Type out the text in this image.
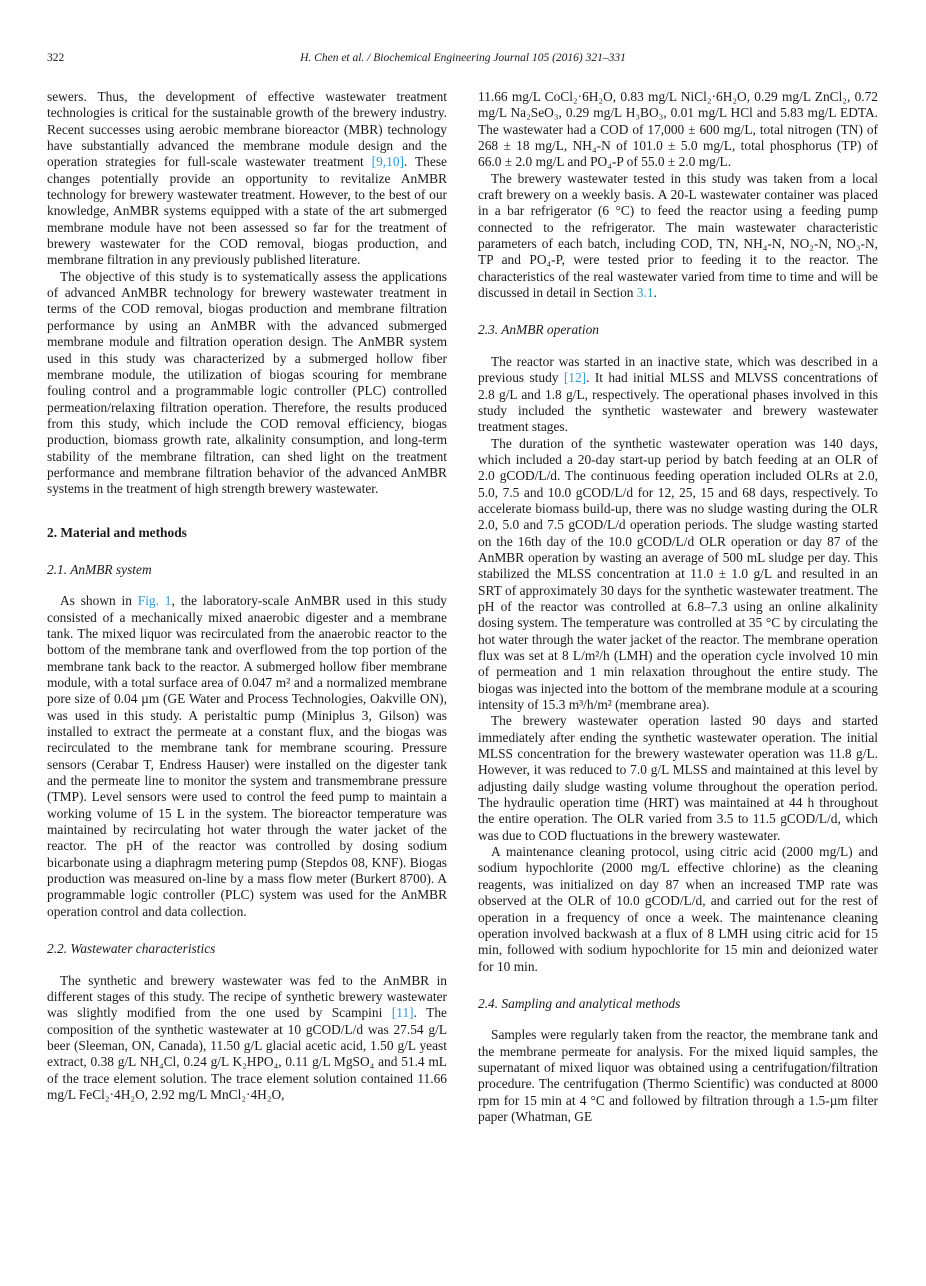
322	H. Chen et al. / Biochemical Engineering Journal 105 (2016) 321–331

sewers. Thus, the development of effective wastewater treatment technologies is critical for the sustainable growth of the brewery industry. Recent successes using aerobic membrane bioreactor (MBR) technology have substantially advanced the membrane module design and the operation strategies for full-scale wastewater treatment [9,10]. These changes potentially provide an opportunity to revitalize AnMBR technology for brewery wastewater treatment. However, to the best of our knowledge, AnMBR systems equipped with a state of the art submerged membrane module have not been assessed so far for the treatment of brewery wastewater for the COD removal, biogas production, and membrane filtration in any previously published literature.

The objective of this study is to systematically assess the applications of advanced AnMBR technology for brewery wastewater treatment in terms of the COD removal, biogas production and membrane filtration performance by using an AnMBR with the advanced submerged membrane module and filtration operation design. The AnMBR system used in this study was characterized by a submerged hollow fiber membrane module, the utilization of biogas scouring for membrane fouling control and a programmable logic controller (PLC) controlled permeation/relaxing filtration operation. Therefore, the results produced from this study, which include the COD removal efficiency, biogas production, biomass growth rate, alkalinity consumption, and long-term stability of the membrane filtration, can shed light on the treatment performance and membrane filtration behavior of the advanced AnMBR systems in the treatment of high strength brewery wastewater.

2. Material and methods
2.1. AnMBR system

As shown in Fig. 1, the laboratory-scale AnMBR used in this study consisted of a mechanically mixed anaerobic digester and a membrane tank. The mixed liquor was recirculated from the anaerobic reactor to the bottom of the membrane tank and overflowed from the top portion of the membrane tank back to the reactor. A submerged hollow fiber membrane module, with a total surface area of 0.047 m² and a normalized membrane pore size of 0.04 µm (GE Water and Process Technologies, Oakville ON), was used in this study. A peristaltic pump (Miniplus 3, Gilson) was installed to extract the permeate at a constant flux, and the biogas was recirculated to the membrane tank for membrane scouring. Pressure sensors (Cerabar T, Endress Hauser) were installed on the digester tank and the permeate line to monitor the system and transmembrane pressure (TMP). Level sensors were used to control the feed pump to maintain a working volume of 15 L in the system. The bioreactor temperature was maintained by recirculating hot water through the water jacket of the reactor. The pH of the reactor was controlled by dosing sodium bicarbonate using a diaphragm metering pump (Stepdos 08, KNF). Biogas production was measured on-line by a mass flow meter (Burkert 8700). A programmable logic controller (PLC) system was used for the AnMBR operation control and data collection.

2.2. Wastewater characteristics

The synthetic and brewery wastewater was fed to the AnMBR in different stages of this study. The recipe of synthetic brewery wastewater was slightly modified from the one used by Scampini [11]. The composition of the synthetic wastewater at 10 gCOD/L/d was 27.54 g/L beer (Sleeman, ON, Canada), 11.50 g/L glacial acetic acid, 1.50 g/L yeast extract, 0.38 g/L NH₄Cl, 0.24 g/L K₂HPO₄, 0.11 g/L MgSO₄ and 51.4 mL of the trace element solution. The trace element solution contained 11.66 mg/L FeCl₂·4H₂O, 2.92 mg/L MnCl₂·4H₂O,

11.66 mg/L CoCl₂·6H₂O, 0.83 mg/L NiCl₂·6H₂O, 0.29 mg/L ZnCl₂, 0.72 mg/L Na₂SeO₃, 0.29 mg/L H₃BO₃, 0.01 mg/L HCl and 5.83 mg/L EDTA. The wastewater had a COD of 17,000 ± 600 mg/L, total nitrogen (TN) of 268 ± 18 mg/L, NH₄-N of 101.0 ± 5.0 mg/L, total phosphorus (TP) of 66.0 ± 2.0 mg/L and PO₄-P of 55.0 ± 2.0 mg/L.

The brewery wastewater tested in this study was taken from a local craft brewery on a weekly basis. A 20-L wastewater container was placed in a bar refrigerator (6 °C) to feed the reactor using a feeding pump connected to the refrigerator. The main wastewater characteristic parameters of each batch, including COD, TN, NH₄-N, NO₂-N, NO₃-N, TP and PO₄-P, were tested prior to feeding it to the reactor. The characteristics of the real wastewater varied from time to time and will be discussed in detail in Section 3.1.

2.3. AnMBR operation

The reactor was started in an inactive state, which was described in a previous study [12]. It had initial MLSS and MLVSS concentrations of 2.8 g/L and 1.8 g/L, respectively. The operational phases involved in this study included the synthetic wastewater and brewery wastewater treatment stages.

The duration of the synthetic wastewater operation was 140 days, which included a 20-day start-up period by batch feeding at an OLR of 2.0 gCOD/L/d. The continuous feeding operation included OLRs at 2.0, 5.0, 7.5 and 10.0 gCOD/L/d for 12, 25, 15 and 68 days, respectively. To accelerate biomass build-up, there was no sludge wasting during the OLR 2.0, 5.0 and 7.5 gCOD/L/d operation periods. The sludge wasting started on the 16th day of the 10.0 gCOD/L/d OLR operation or day 87 of the AnMBR operation by wasting an average of 500 mL sludge per day. This stabilized the MLSS concentration at 11.0 ± 1.0 g/L and resulted in an SRT of approximately 30 days for the synthetic wastewater treatment. The pH of the reactor was controlled at 6.8–7.3 using an online alkalinity dosing system. The temperature was controlled at 35 °C by circulating the hot water through the water jacket of the reactor. The membrane operation flux was set at 8 L/m²/h (LMH) and the operation cycle involved 10 min of permeation and 1 min relaxation throughout the entire study. The biogas was injected into the bottom of the membrane module at a scouring intensity of 15.3 m³/h/m² (membrane area).

The brewery wastewater operation lasted 90 days and started immediately after ending the synthetic wastewater operation. The initial MLSS concentration for the brewery wastewater operation was 11.8 g/L. However, it was reduced to 7.0 g/L MLSS and maintained at this level by adjusting daily sludge wasting volume throughout the operation period. The hydraulic operation time (HRT) was maintained at 44 h throughout the entire operation. The OLR varied from 3.5 to 11.5 gCOD/L/d, which was due to COD fluctuations in the brewery wastewater.

A maintenance cleaning protocol, using citric acid (2000 mg/L) and sodium hypochlorite (2000 mg/L effective chlorine) as the cleaning reagents, was initialized on day 87 when an increased TMP rate was observed at the OLR of 10.0 gCOD/L/d, and carried out for the rest of operation in a frequency of once a week. The maintenance cleaning operation involved backwash at a flux of 8 LMH using citric acid for 15 min, followed with sodium hypochlorite for 15 min and deionized water for 10 min.

2.4. Sampling and analytical methods

Samples were regularly taken from the reactor, the membrane tank and the membrane permeate for analysis. For the mixed liquid samples, the supernatant of mixed liquor was obtained using a centrifugation/filtration procedure. The centrifugation (Thermo Scientific) was conducted at 8000 rpm for 15 min at 4 °C and followed by filtration through a 1.5-µm filter paper (Whatman, GE
